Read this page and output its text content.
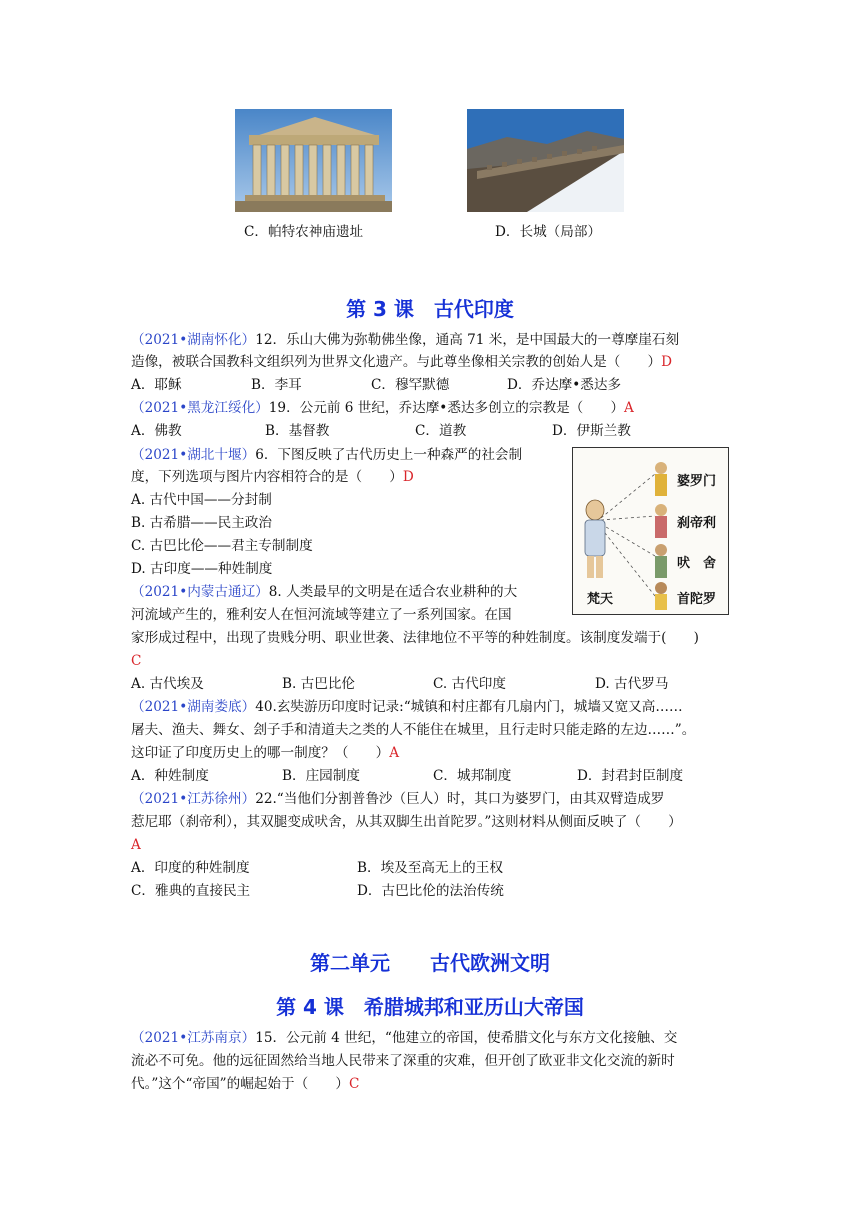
C．帕特农神庙遗址	D．长城（局部）
第 3 课　古代印度
（2021•湖南怀化）12．乐山大佛为弥勒佛坐像，通高 71 米，是中国最大的一尊摩崖石刻
造像，被联合国教科文组织列为世界文化遗产。与此尊坐像相关宗教的创始人是（　　）D
A．耶稣	B．李耳	C．穆罕默德	D．乔达摩•悉达多
（2021•黑龙江绥化）19．公元前 6 世纪，乔达摩•悉达多创立的宗教是（　　）A
A．佛教	B．基督教	C．道教	D．伊斯兰教
婆罗门
刹帝利
吠　舍
首陀罗
梵天
（2021•湖北十堰）6．下图反映了古代历史上一种森严的社会制
度，下列选项与图片内容相符合的是（　　）D
A. 古代中国——分封制
B. 古希腊——民主政治
C. 古巴比伦——君主专制制度
D. 古印度——种姓制度
（2021•内蒙古通辽）8. 人类最早的文明是在适合农业耕种的大
河流域产生的，雅利安人在恒河流域等建立了一系列国家。在国
家形成过程中，出现了贵贱分明、职业世袭、法律地位不平等的种姓制度。该制度发端于(　　)
C
A. 古代埃及	B. 古巴比伦	C. 古代印度	D. 古代罗马
（2021•湖南娄底）40.玄奘游历印度时记录:“城镇和村庄都有几扇内门，城墙又宽又高……
屠夫、渔夫、舞女、刽子手和清道夫之类的人不能住在城里，且行走时只能走路的左边……”。
这印证了印度历史上的哪一制度？（　　）A
A．种姓制度	B．庄园制度	C．城邦制度	D．封君封臣制度
（2021•江苏徐州）22.“当他们分割普鲁沙（巨人）时，其口为婆罗门，由其双臂造成罗
惹尼耶（刹帝利），其双腿变成吠舍，从其双脚生出首陀罗。”这则材料从侧面反映了（　　）
A
A．印度的种姓制度	B．埃及至高无上的王权
C．雅典的直接民主	D．古巴比伦的法治传统
第二单元　　古代欧洲文明
第 4 课　希腊城邦和亚历山大帝国
（2021•江苏南京）15．公元前 4 世纪，“他建立的帝国，使希腊文化与东方文化接触、交
流必不可免。他的远征固然给当地人民带来了深重的灾难，但开创了欧亚非文化交流的新时
代。”这个“帝国”的崛起始于（　　）C
